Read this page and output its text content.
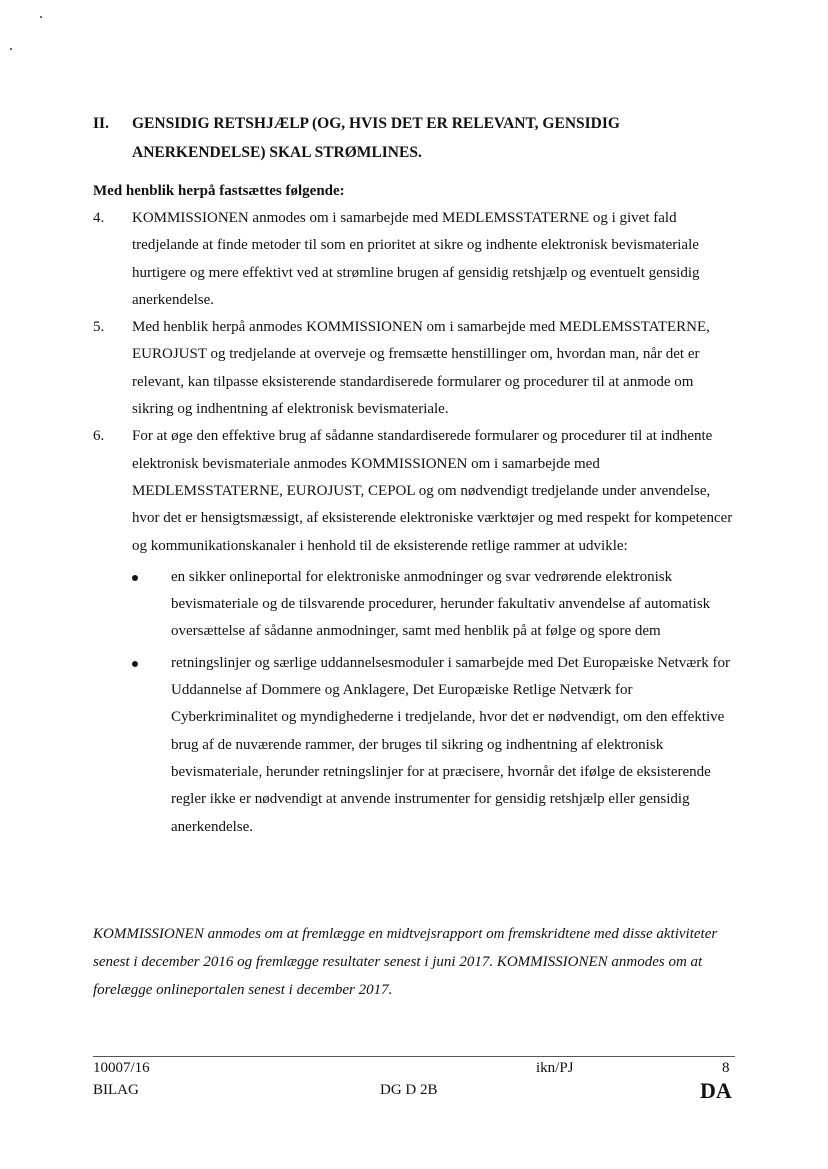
II. GENSIDIG RETSHJÆLP (OG, HVIS DET ER RELEVANT, GENSIDIG ANERKENDELSE) SKAL STRØMLINES.
Med henblik herpå fastsættes følgende:
4. KOMMISSIONEN anmodes om i samarbejde med MEDLEMSSTATERNE og i givet fald tredjelande at finde metoder til som en prioritet at sikre og indhente elektronisk bevismateriale hurtigere og mere effektivt ved at strømline brugen af gensidig retshjælp og eventuelt gensidig anerkendelse.
5. Med henblik herpå anmodes KOMMISSIONEN om i samarbejde med MEDLEMSSTATERNE, EUROJUST og tredjelande at overveje og fremsætte henstillinger om, hvordan man, når det er relevant, kan tilpasse eksisterende standardiserede formularer og procedurer til at anmode om sikring og indhentning af elektronisk bevismateriale.
6. For at øge den effektive brug af sådanne standardiserede formularer og procedurer til at indhente elektronisk bevismateriale anmodes KOMMISSIONEN om i samarbejde med MEDLEMSSTATERNE, EUROJUST, CEPOL og om nødvendigt tredjelande under anvendelse, hvor det er hensigtsmæssigt, af eksisterende elektroniske værktøjer og med respekt for kompetencer og kommunikationskanaler i henhold til de eksisterende retlige rammer at udvikle:
en sikker onlineportal for elektroniske anmodninger og svar vedrørende elektronisk bevismateriale og de tilsvarende procedurer, herunder fakultativ anvendelse af automatisk oversættelse af sådanne anmodninger, samt med henblik på at følge og spore dem
retningslinjer og særlige uddannelsesmoduler i samarbejde med Det Europæiske Netværk for Uddannelse af Dommere og Anklagere, Det Europæiske Retlige Netværk for Cyberkriminalitet og myndighederne i tredjelande, hvor det er nødvendigt, om den effektive brug af de nuværende rammer, der bruges til sikring og indhentning af elektronisk bevismateriale, herunder retningslinjer for at præcisere, hvornår det ifølge de eksisterende regler ikke er nødvendigt at anvende instrumenter for gensidig retshjælp eller gensidig anerkendelse.
KOMMISSIONEN anmodes om at fremlægge en midtvejsrapport om fremskridtene med disse aktiviteter senest i december 2016 og fremlægge resultater senest i juni 2017. KOMMISSIONEN anmodes om at forelægge onlineportalen senest i december 2017.
10007/16	ikn/PJ	8
BILAG	DG D 2B	DA
